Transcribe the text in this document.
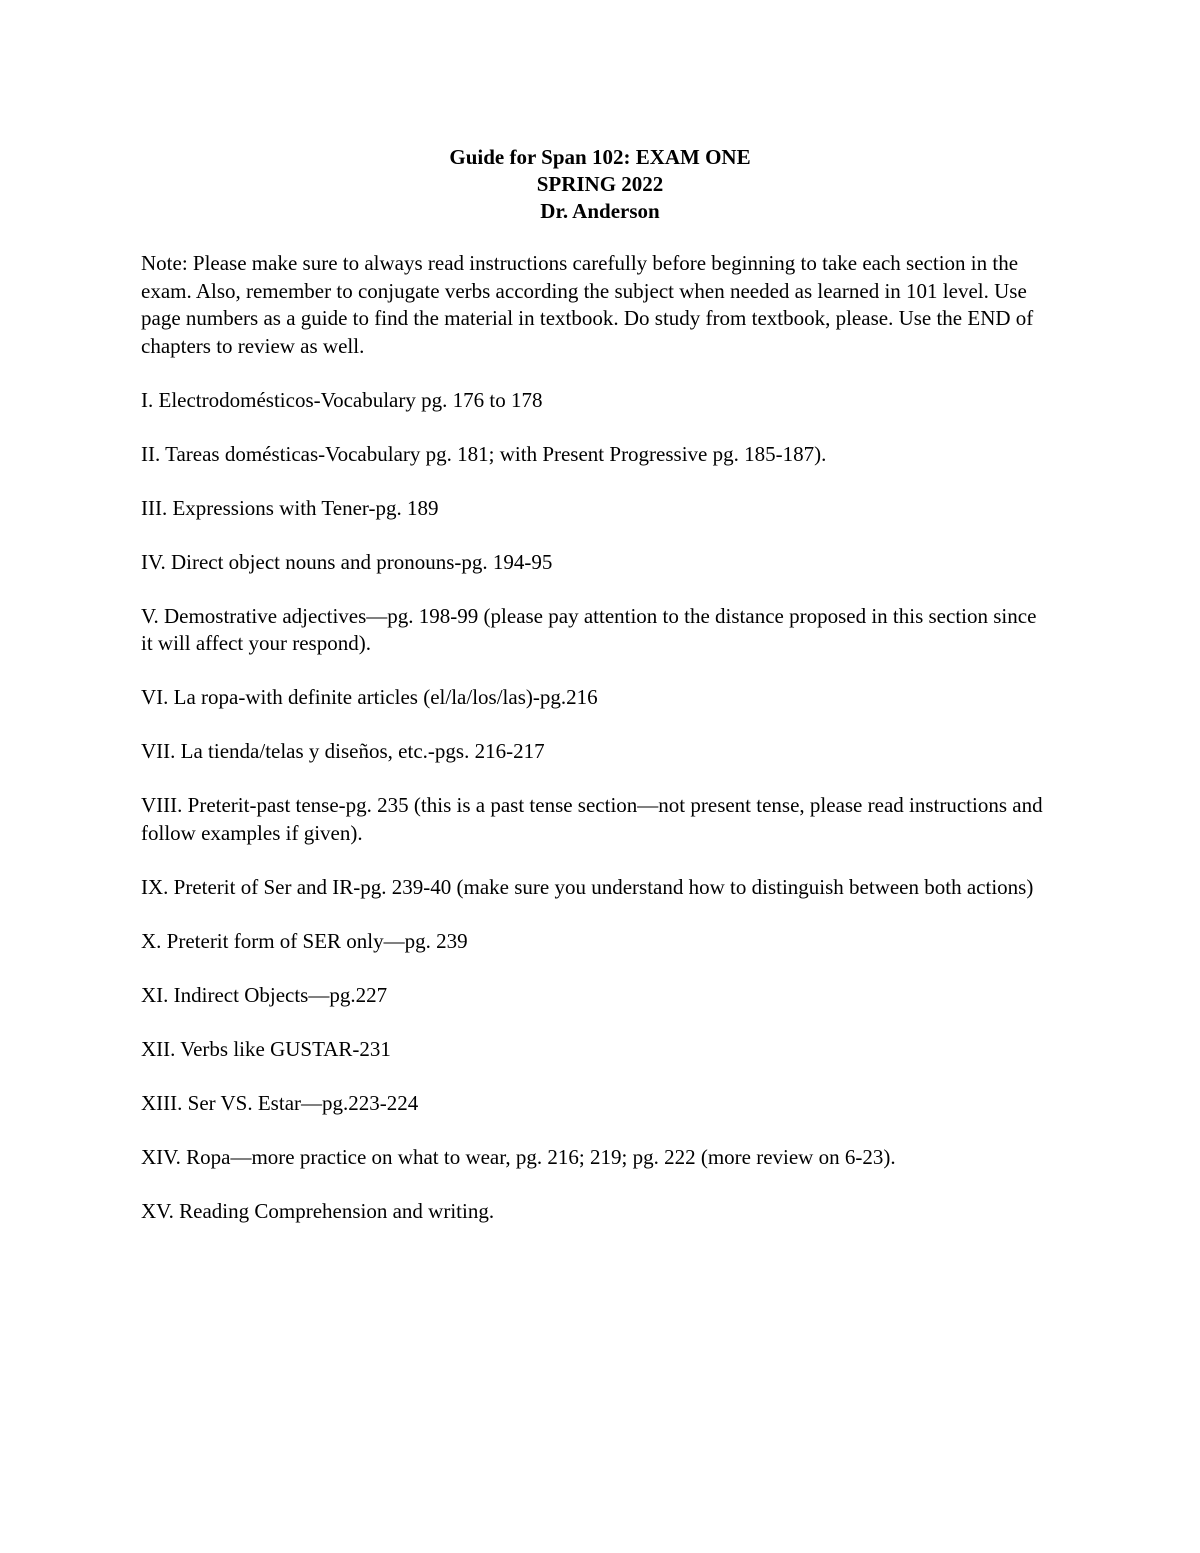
Guide for Span 102: EXAM ONE
SPRING 2022
Dr. Anderson

Note: Please make sure to always read instructions carefully before beginning to take each section in the exam. Also, remember to conjugate verbs according the subject when needed as learned in 101 level. Use page numbers as a guide to find the material in textbook. Do study from textbook, please. Use the END of chapters to review as well.

I. Electrodomésticos-Vocabulary pg. 176 to 178

II. Tareas domésticas-Vocabulary pg. 181; with Present Progressive pg. 185-187).

III. Expressions with Tener-pg. 189

IV. Direct object nouns and pronouns-pg. 194-95

V. Demostrative adjectives—pg. 198-99 (please pay attention to the distance proposed in this section since it will affect your respond).

VI. La ropa-with definite articles (el/la/los/las)-pg.216

VII. La tienda/telas y diseños, etc.-pgs. 216-217

VIII. Preterit-past tense-pg. 235 (this is a past tense section—not present tense, please read instructions and follow examples if given).

IX. Preterit of Ser and IR-pg. 239-40 (make sure you understand how to distinguish between both actions)

X. Preterit form of SER only—pg. 239

XI. Indirect Objects—pg.227

XII. Verbs like GUSTAR-231

XIII. Ser VS. Estar—pg.223-224

XIV. Ropa—more practice on what to wear, pg. 216; 219; pg. 222 (more review on 6-23).

XV. Reading Comprehension and writing.
